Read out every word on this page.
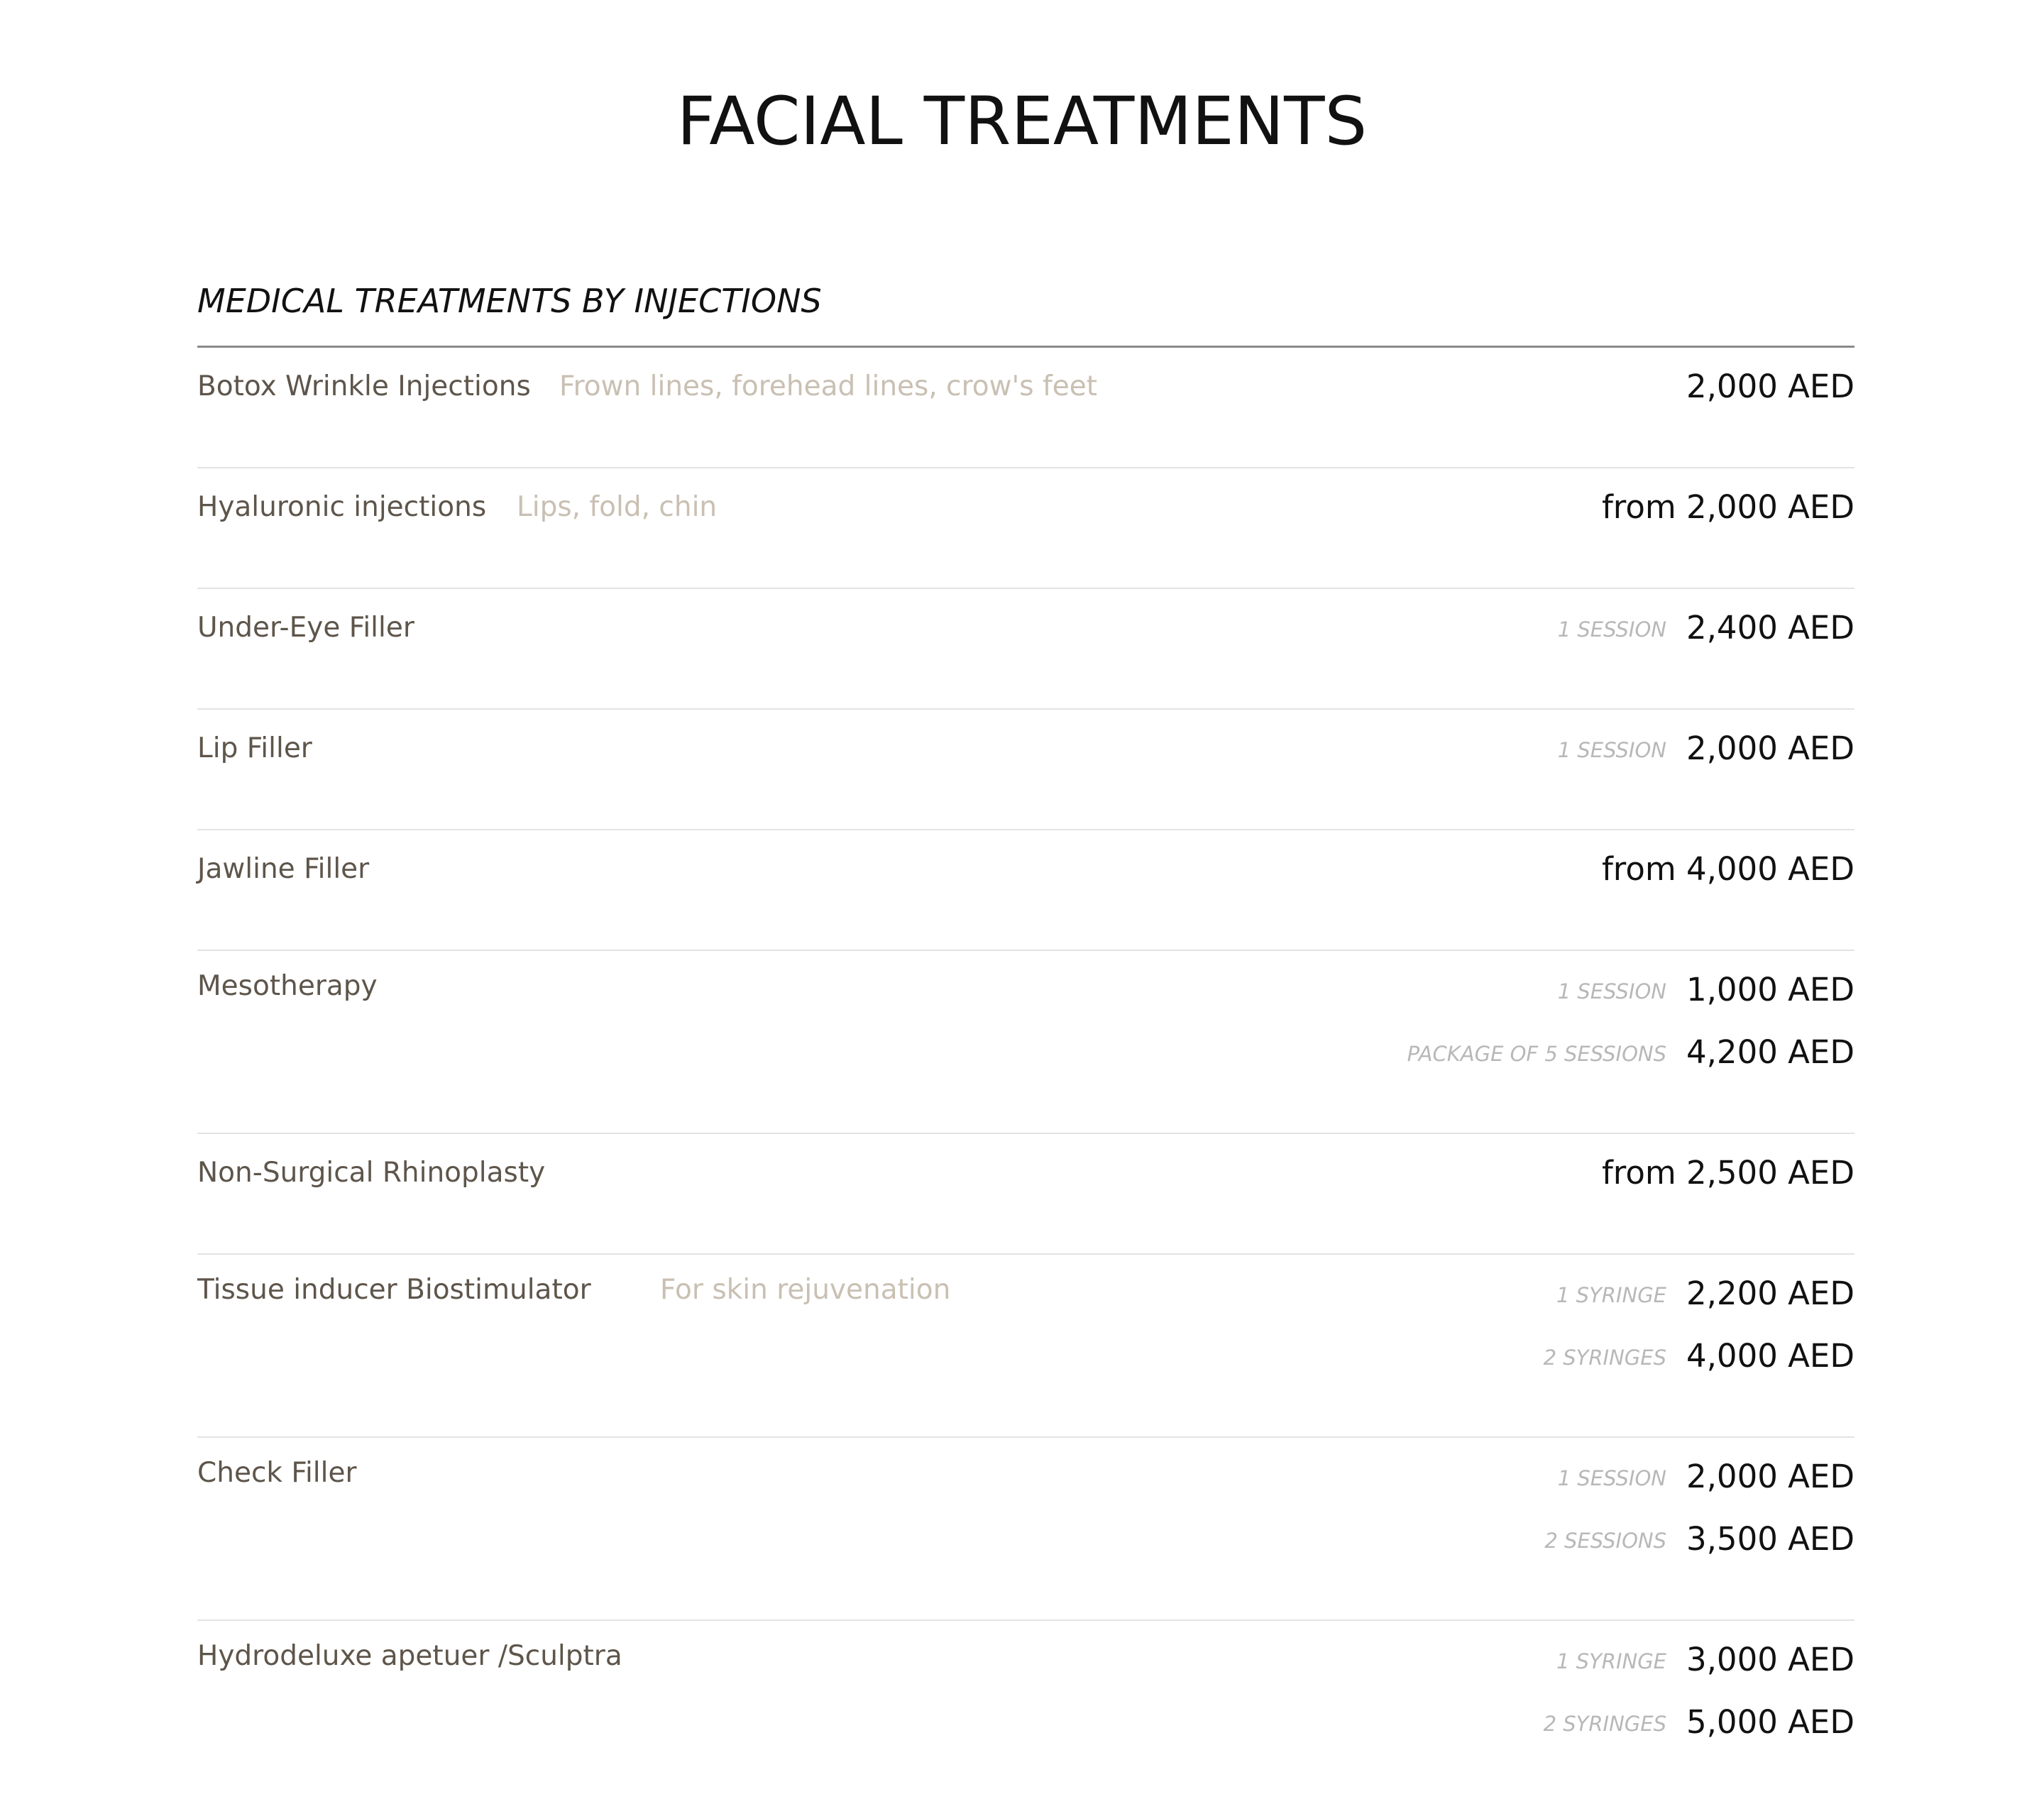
FACIAL TREATMENTS
MEDICAL TREATMENTS BY INJECTIONS
Botox Wrinkle Injections Frown lines, forehead lines, crow's feet	2,000 AED
Hyaluronic injections Lips, fold, chin	from 2,000 AED
Under-Eye Filler	1 SESSION 2,400 AED
Lip Filler	1 SESSION 2,000 AED
Jawline Filler	from 4,000 AED
Mesotherapy	1 SESSION 1,000 AED
PACKAGE OF 5 SESSIONS 4,200 AED
Non-Surgical Rhinoplasty	from 2,500 AED
Tissue inducer Biostimulator For skin rejuvenation	1 SYRINGE 2,200 AED
2 SYRINGES 4,000 AED
Check Filler	1 SESSION 2,000 AED
2 SESSIONS 3,500 AED
Hydrodeluxe apetuer /Sculptra	1 SYRINGE 3,000 AED
2 SYRINGES 5,000 AED
